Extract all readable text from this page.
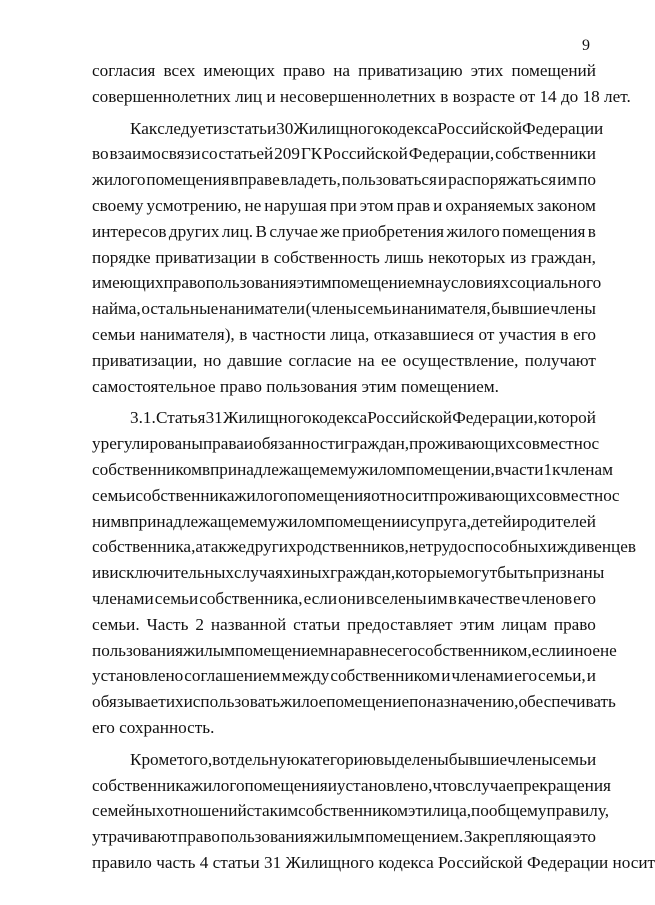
9
согласия всех имеющих право на приватизацию этих помещений
совершеннолетних лиц и несовершеннолетних в возрасте от 14 до 18 лет.
Как следует из статьи 30 Жилищного кодекса Российской Федерации
во взаимосвязи со статьей 209 ГК Российской Федерации, собственники
жилого помещения вправе владеть, пользоваться и распоряжаться им по
своему усмотрению, не нарушая при этом прав и охраняемых законом
интересов других лиц. В случае же приобретения жилого помещения в
порядке приватизации в собственность лишь некоторых из граждан,
имеющих право пользования этим помещением на условиях социального
найма, остальные наниматели (члены семьи нанимателя, бывшие члены
семьи нанимателя), в частности лица, отказавшиеся от участия в его
приватизации, но давшие согласие на ее осуществление, получают
самостоятельное право пользования этим помещением.
3.1. Статья 31 Жилищного кодекса Российской Федерации, которой
урегулированы права и обязанности граждан, проживающих совместно с
собственником в принадлежащем ему жилом помещении, в части 1 к членам
семьи собственника жилого помещения относит проживающих совместно с
ним в принадлежащем ему жилом помещении супруга, детей и родителей
собственника, а также других родственников, нетрудоспособных иждивенцев
и в исключительных случаях иных граждан, которые могут быть признаны
членами семьи собственника, если они вселены им в качестве членов его
семьи. Часть 2 названной статьи предоставляет этим лицам право
пользования жилым помещением наравне с его собственником, если иное не
установлено соглашением между собственником и членами его семьи, и
обязывает их использовать жилое помещение по назначению, обеспечивать
его сохранность.
Кроме того, в отдельную категорию выделены бывшие члены семьи
собственника жилого помещения и установлено, что в случае прекращения
семейных отношений с таким собственником эти лица, по общему правилу,
утрачивают право пользования жилым помещением. Закрепляющая это
правило часть 4 статьи 31 Жилищного кодекса Российской Федерации носит
